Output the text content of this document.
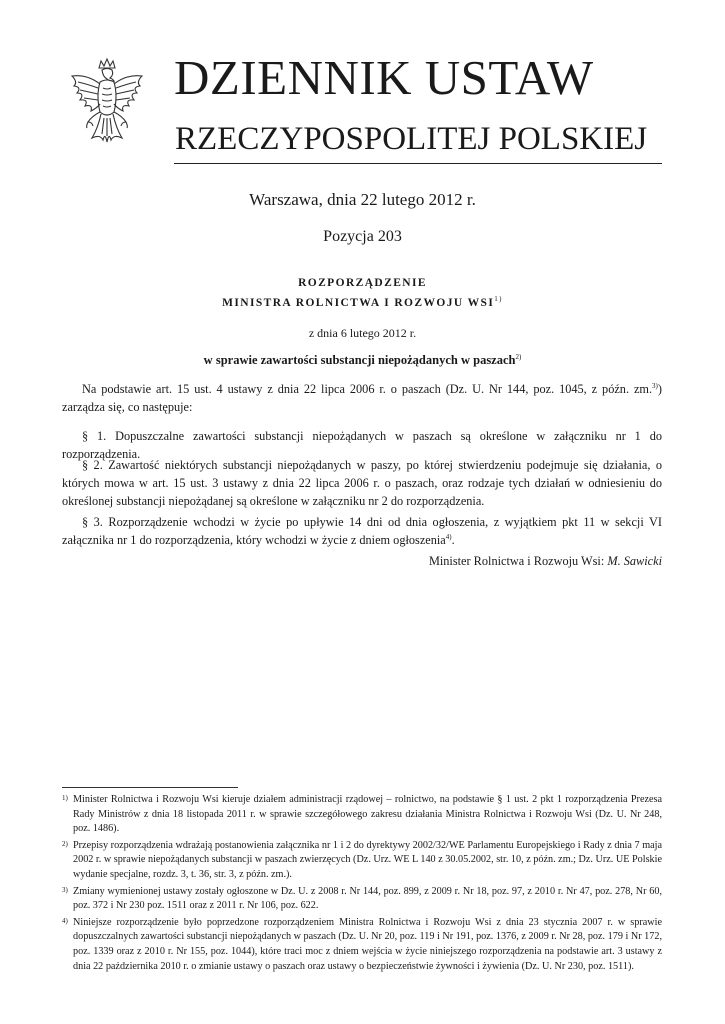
DZIENNIK USTAW
RZECZYPOSPOLITEJ POLSKIEJ
Warszawa, dnia 22 lutego 2012 r.
Pozycja 203
ROZPORZĄDZENIE
MINISTRA ROLNICTWA I ROZWOJU WSI$^{1)}$
z dnia 6 lutego 2012 r.
w sprawie zawartości substancji niepożądanych w paszach$^{2)}$

Na podstawie art. 15 ust. 4 ustawy z dnia 22 lipca 2006 r. o paszach (Dz. U. Nr 144, poz. 1045, z późn. zm.$^{3)}$) zarządza się, co następuje:

§ 1. Dopuszczalne zawartości substancji niepożądanych w paszach są określone w załączniku nr 1 do rozporządzenia.

§ 2. Zawartość niektórych substancji niepożądanych w paszy, po której stwierdzeniu podejmuje się działania, o których mowa w art. 15 ust. 3 ustawy z dnia 22 lipca 2006 r. o paszach, oraz rodzaje tych działań w odniesieniu do określonej substancji niepożądanej są określone w załączniku nr 2 do rozporządzenia.

§ 3. Rozporządzenie wchodzi w życie po upływie 14 dni od dnia ogłoszenia, z wyjątkiem pkt 11 w sekcji VI załącznika nr 1 do rozporządzenia, który wchodzi w życie z dniem ogłoszenia$^{4)}$.

Minister Rolnictwa i Rozwoju Wsi: M. Sawicki

1) Minister Rolnictwa i Rozwoju Wsi kieruje działem administracji rządowej – rolnictwo, na podstawie § 1 ust. 2 pkt 1 rozporządzenia Prezesa Rady Ministrów z dnia 18 listopada 2011 r. w sprawie szczegółowego zakresu działania Ministra Rolnictwa i Rozwoju Wsi (Dz. U. Nr 248, poz. 1486).

2) Przepisy rozporządzenia wdrażają postanowienia załącznika nr 1 i 2 do dyrektywy 2002/32/WE Parlamentu Europejskiego i Rady z dnia 7 maja 2002 r. w sprawie niepożądanych substancji w paszach zwierzęcych (Dz. Urz. WE L 140 z 30.05.2002, str. 10, z późn. zm.; Dz. Urz. UE Polskie wydanie specjalne, rozdz. 3, t. 36, str. 3, z późn. zm.).

3) Zmiany wymienionej ustawy zostały ogłoszone w Dz. U. z 2008 r. Nr 144, poz. 899, z 2009 r. Nr 18, poz. 97, z 2010 r. Nr 47, poz. 278, Nr 60, poz. 372 i Nr 230 poz. 1511 oraz z 2011 r. Nr 106, poz. 622.

4) Niniejsze rozporządzenie było poprzedzone rozporządzeniem Ministra Rolnictwa i Rozwoju Wsi z dnia 23 stycznia 2007 r. w sprawie dopuszczalnych zawartości substancji niepożądanych w paszach (Dz. U. Nr 20, poz. 119 i Nr 191, poz. 1376, z 2009 r. Nr 28, poz. 179 i Nr 172, poz. 1339 oraz z 2010 r. Nr 155, poz. 1044), które traci moc z dniem wejścia w życie niniejszego rozporządzenia na podstawie art. 3 ustawy z dnia 22 października 2010 r. o zmianie ustawy o paszach oraz ustawy o bezpieczeństwie żywności i żywienia (Dz. U. Nr 230, poz. 1511).
